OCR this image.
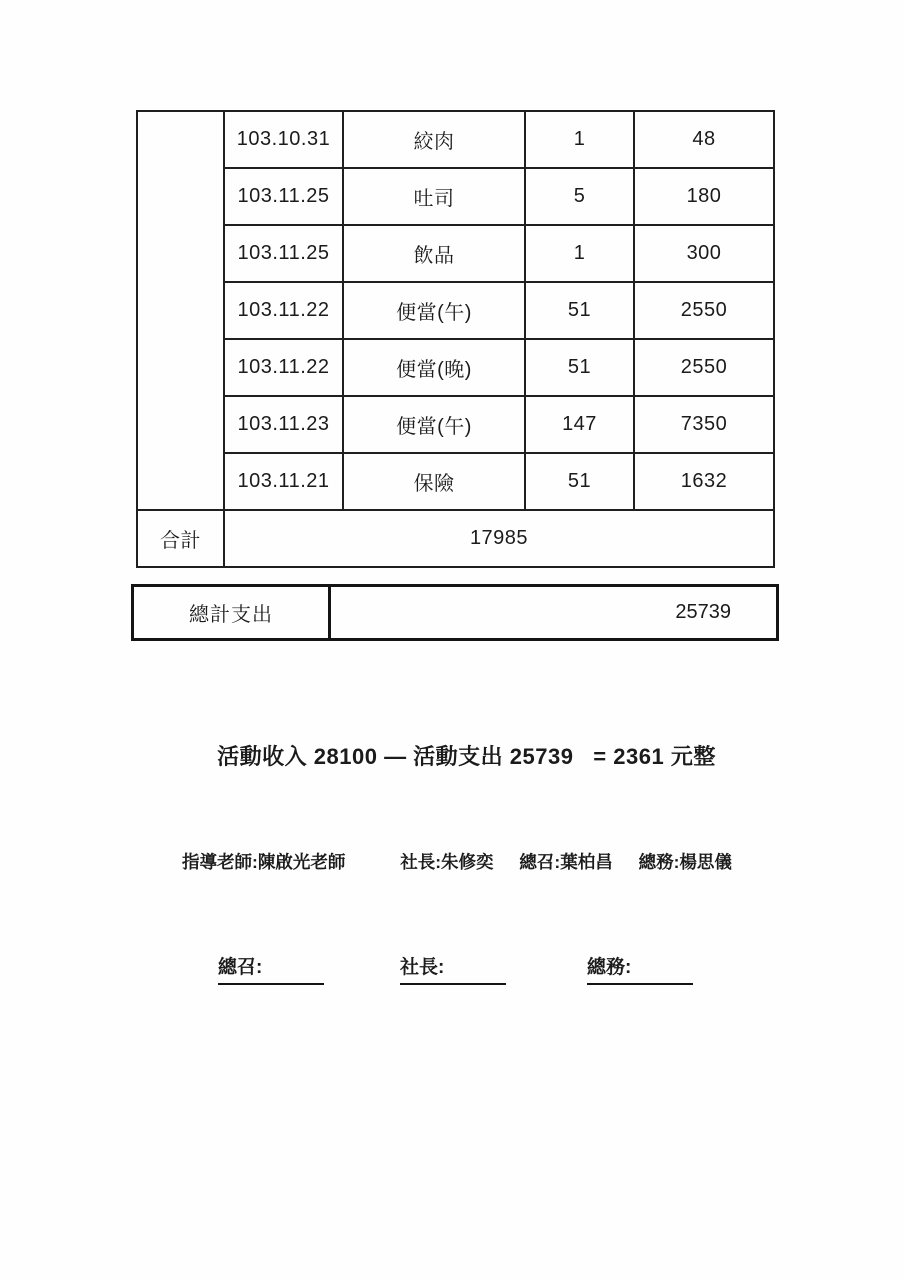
	103.10.31	絞肉	1	48
	103.11.25	吐司	5	180
	103.11.25	飲品	1	300
	103.11.22	便當(午)	51	2550
	103.11.22	便當(晚)	51	2550
	103.11.23	便當(午)	147	7350
	103.11.21	保險	51	1632
合計	17985			
總計支出	25739
活動收入 28100 — 活動支出 25739   = 2361 元整
指導老師:陳啟光老師	社長:朱修奕 總召:葉柏昌 總務:楊思儀
總召:	社長:	總務:
